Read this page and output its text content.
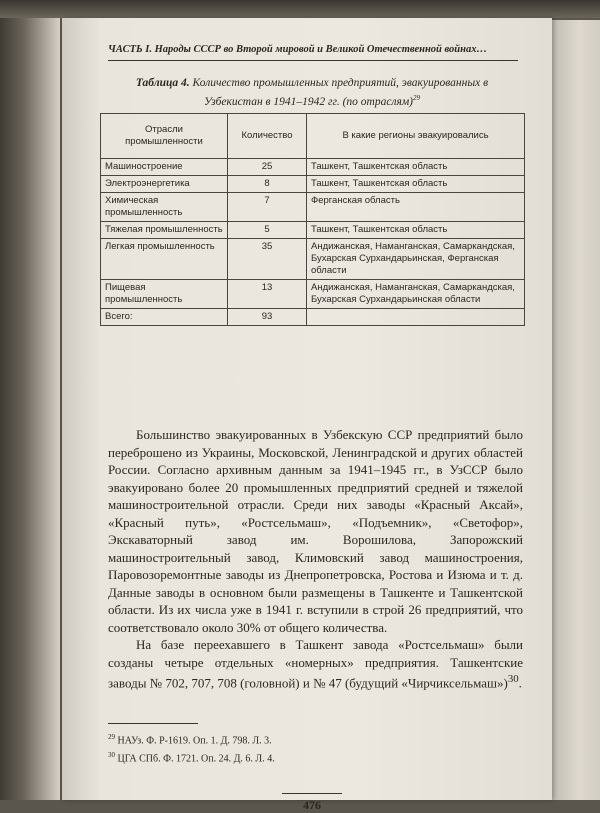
ЧАСТЬ I. Народы СССР во Второй мировой и Великой Отечественной войнах…
Таблица 4. Количество промышленных предприятий, эвакуированных в Узбекистан в 1941–1942 гг. (по отраслям)$^{29}$
Отрасли промышленности	Количество	В какие регионы эвакуировались
Машиностроение	25	Ташкент, Ташкентская область
Электроэнергетика	8	Ташкент, Ташкентская область
Химическая промышленность	7	Ферганская область
Тяжелая промышленность	5	Ташкент, Ташкентская область
Легкая промышленность	35	Андижанская, Наманганская, Самаркандская, Бухарская Сурхандарьинская, Ферганская области
Пищевая промышленность	13	Андижанская, Наманганская, Самаркандская, Бухарская Сурхандарьинская области
Всего:	93	

Большинство эвакуированных в Узбекскую ССР предприятий было переброшено из Украины, Московской, Ленинградской и других областей России. Согласно архивным данным за 1941–1945 гг., в УзССР было эвакуировано более 20 промышленных предприятий средней и тяжелой машиностроительной отрасли. Среди них заводы «Красный Аксай», «Красный путь», «Ростсельмаш», «Подъемник», «Светофор», Экскаваторный завод им. Ворошилова, Запорожский машиностроительный завод, Климовский завод машиностроения, Паровозоремонтные заводы из Днепропетровска, Ростова и Изюма и т. д. Данные заводы в основном были размещены в Ташкенте и Ташкентской области. Из их числа уже в 1941 г. вступили в строй 26 предприятий, что соответствовало около 30% от общего количества.

На базе переехавшего в Ташкент завода «Ростсельмаш» были созданы четыре отдельных «номерных» предприятия. Ташкентские заводы № 702, 707, 708 (головной) и № 47 (будущий «Чирчиксельмаш»)$^{30}$.

$^{29}$ НАУз. Ф. Р-1619. Оп. 1. Д. 798. Л. 3.
$^{30}$ ЦГА СПб. Ф. 1721. Оп. 24. Д. 6. Л. 4.
476
